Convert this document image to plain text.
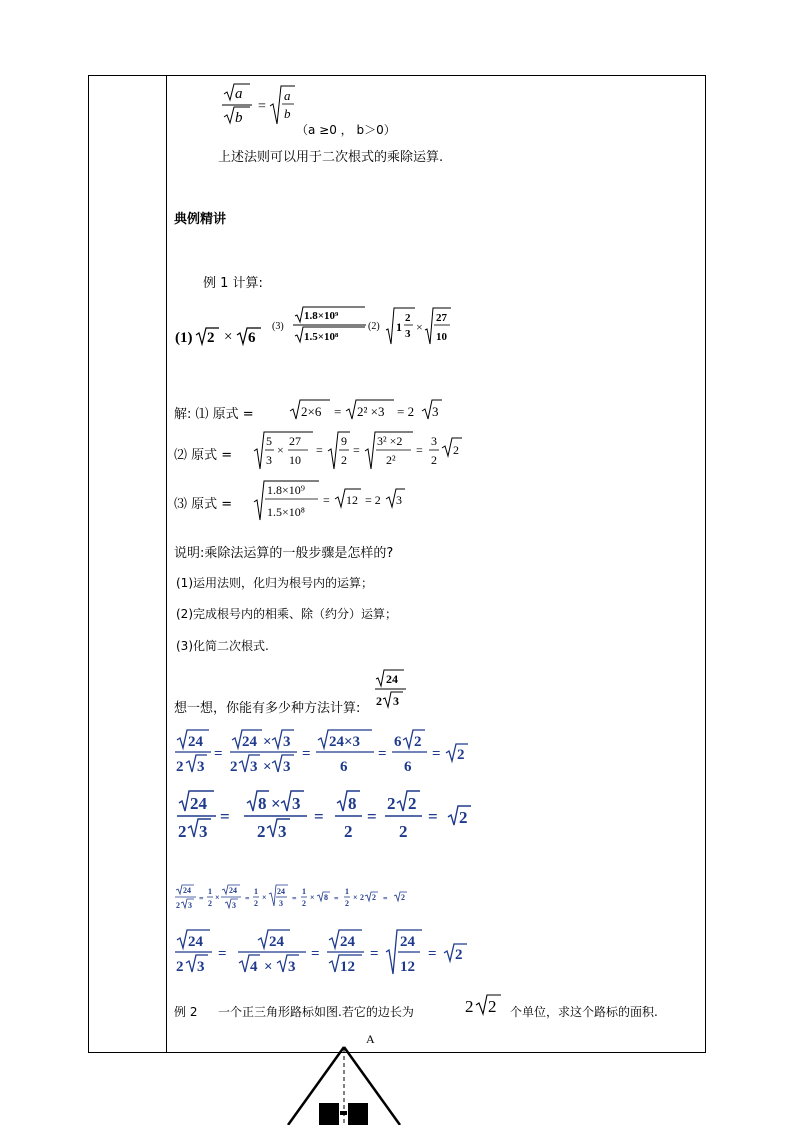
a
b
=
a
b
（a ≥0 ， b＞0）
上述法则可以用于二次根式的乘除运算.
典例精讲
例 1 计算:
(1) 2 × 6
(3)
1.8×10⁹
1.5×10⁸
(2) 1
2
3 ×
27
10
解: ⑴ 原式 =	2×6 = 2² ×3 = 2 3
⑵ 原式 =
5
3
×
27
10
=
9
2
=
3² ×2
2²
=
3
2
2
⑶ 原式 =
1.8×10⁹
1.5×10⁸
= 12 = 2 3
说明:乘除法运算的一般步骤是怎样的?
(1)运用法则，化归为根号内的运算；
(2)完成根号内的相乘、除（约分）运算；
(3)化简二次根式.
想一想，你能有多少种方法计算:
24
2 3
24
2 3
=
24 × 3
2 3 × 3
=
24×3
6
=
6 2
6
= 2
24
2 3
=
8 × 3
2 3
=
8
2
=
2 2
2
= 2
24
2 3
=
1
2
×
24
3
=
1
2
×
24
3
=
1
2
× 8 =
1
2
× 2 2 = 2
24
2 3
=
24
4 × 3
=
24
12
=
24
12
= 2
例 2 一个正三角形路标如图.若它的边长为	2 2 个单位，求这个路标的面积.
A
